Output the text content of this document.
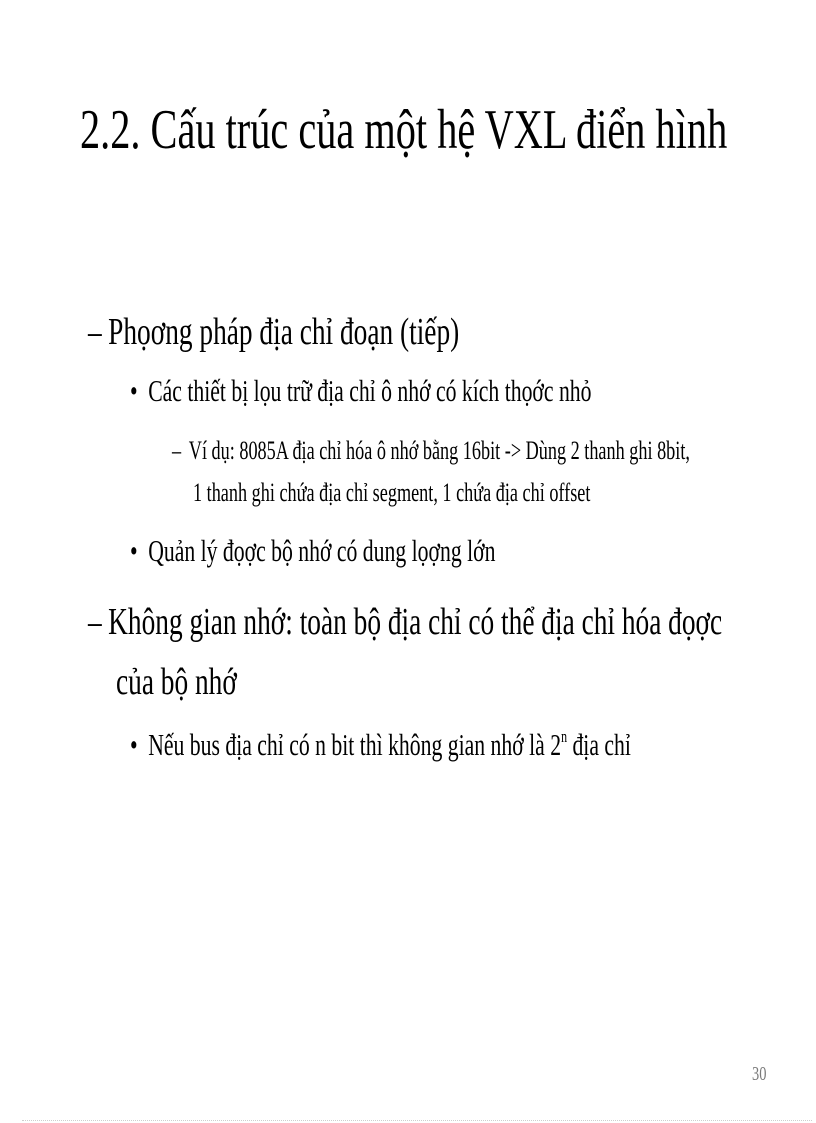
2.2. Cấu trúc của một hệ VXL điển hình
– Phọơng pháp địa chỉ đoạn (tiếp)
• Các thiết bị lọu trữ địa chỉ ô nhớ có kích thọớc nhỏ
– Ví dụ: 8085A địa chỉ hóa ô nhớ bằng 16bit -> Dùng 2 thanh ghi 8bit,
1 thanh ghi chứa địa chỉ segment, 1 chứa địa chỉ offset
• Quản lý đọợc bộ nhớ có dung lọợng lớn
– Không gian nhớ: toàn bộ địa chỉ có thể địa chỉ hóa đọợc
của bộ nhớ
• Nếu bus địa chỉ có n bit thì không gian nhớ là 2$^n$ địa chỉ
30
